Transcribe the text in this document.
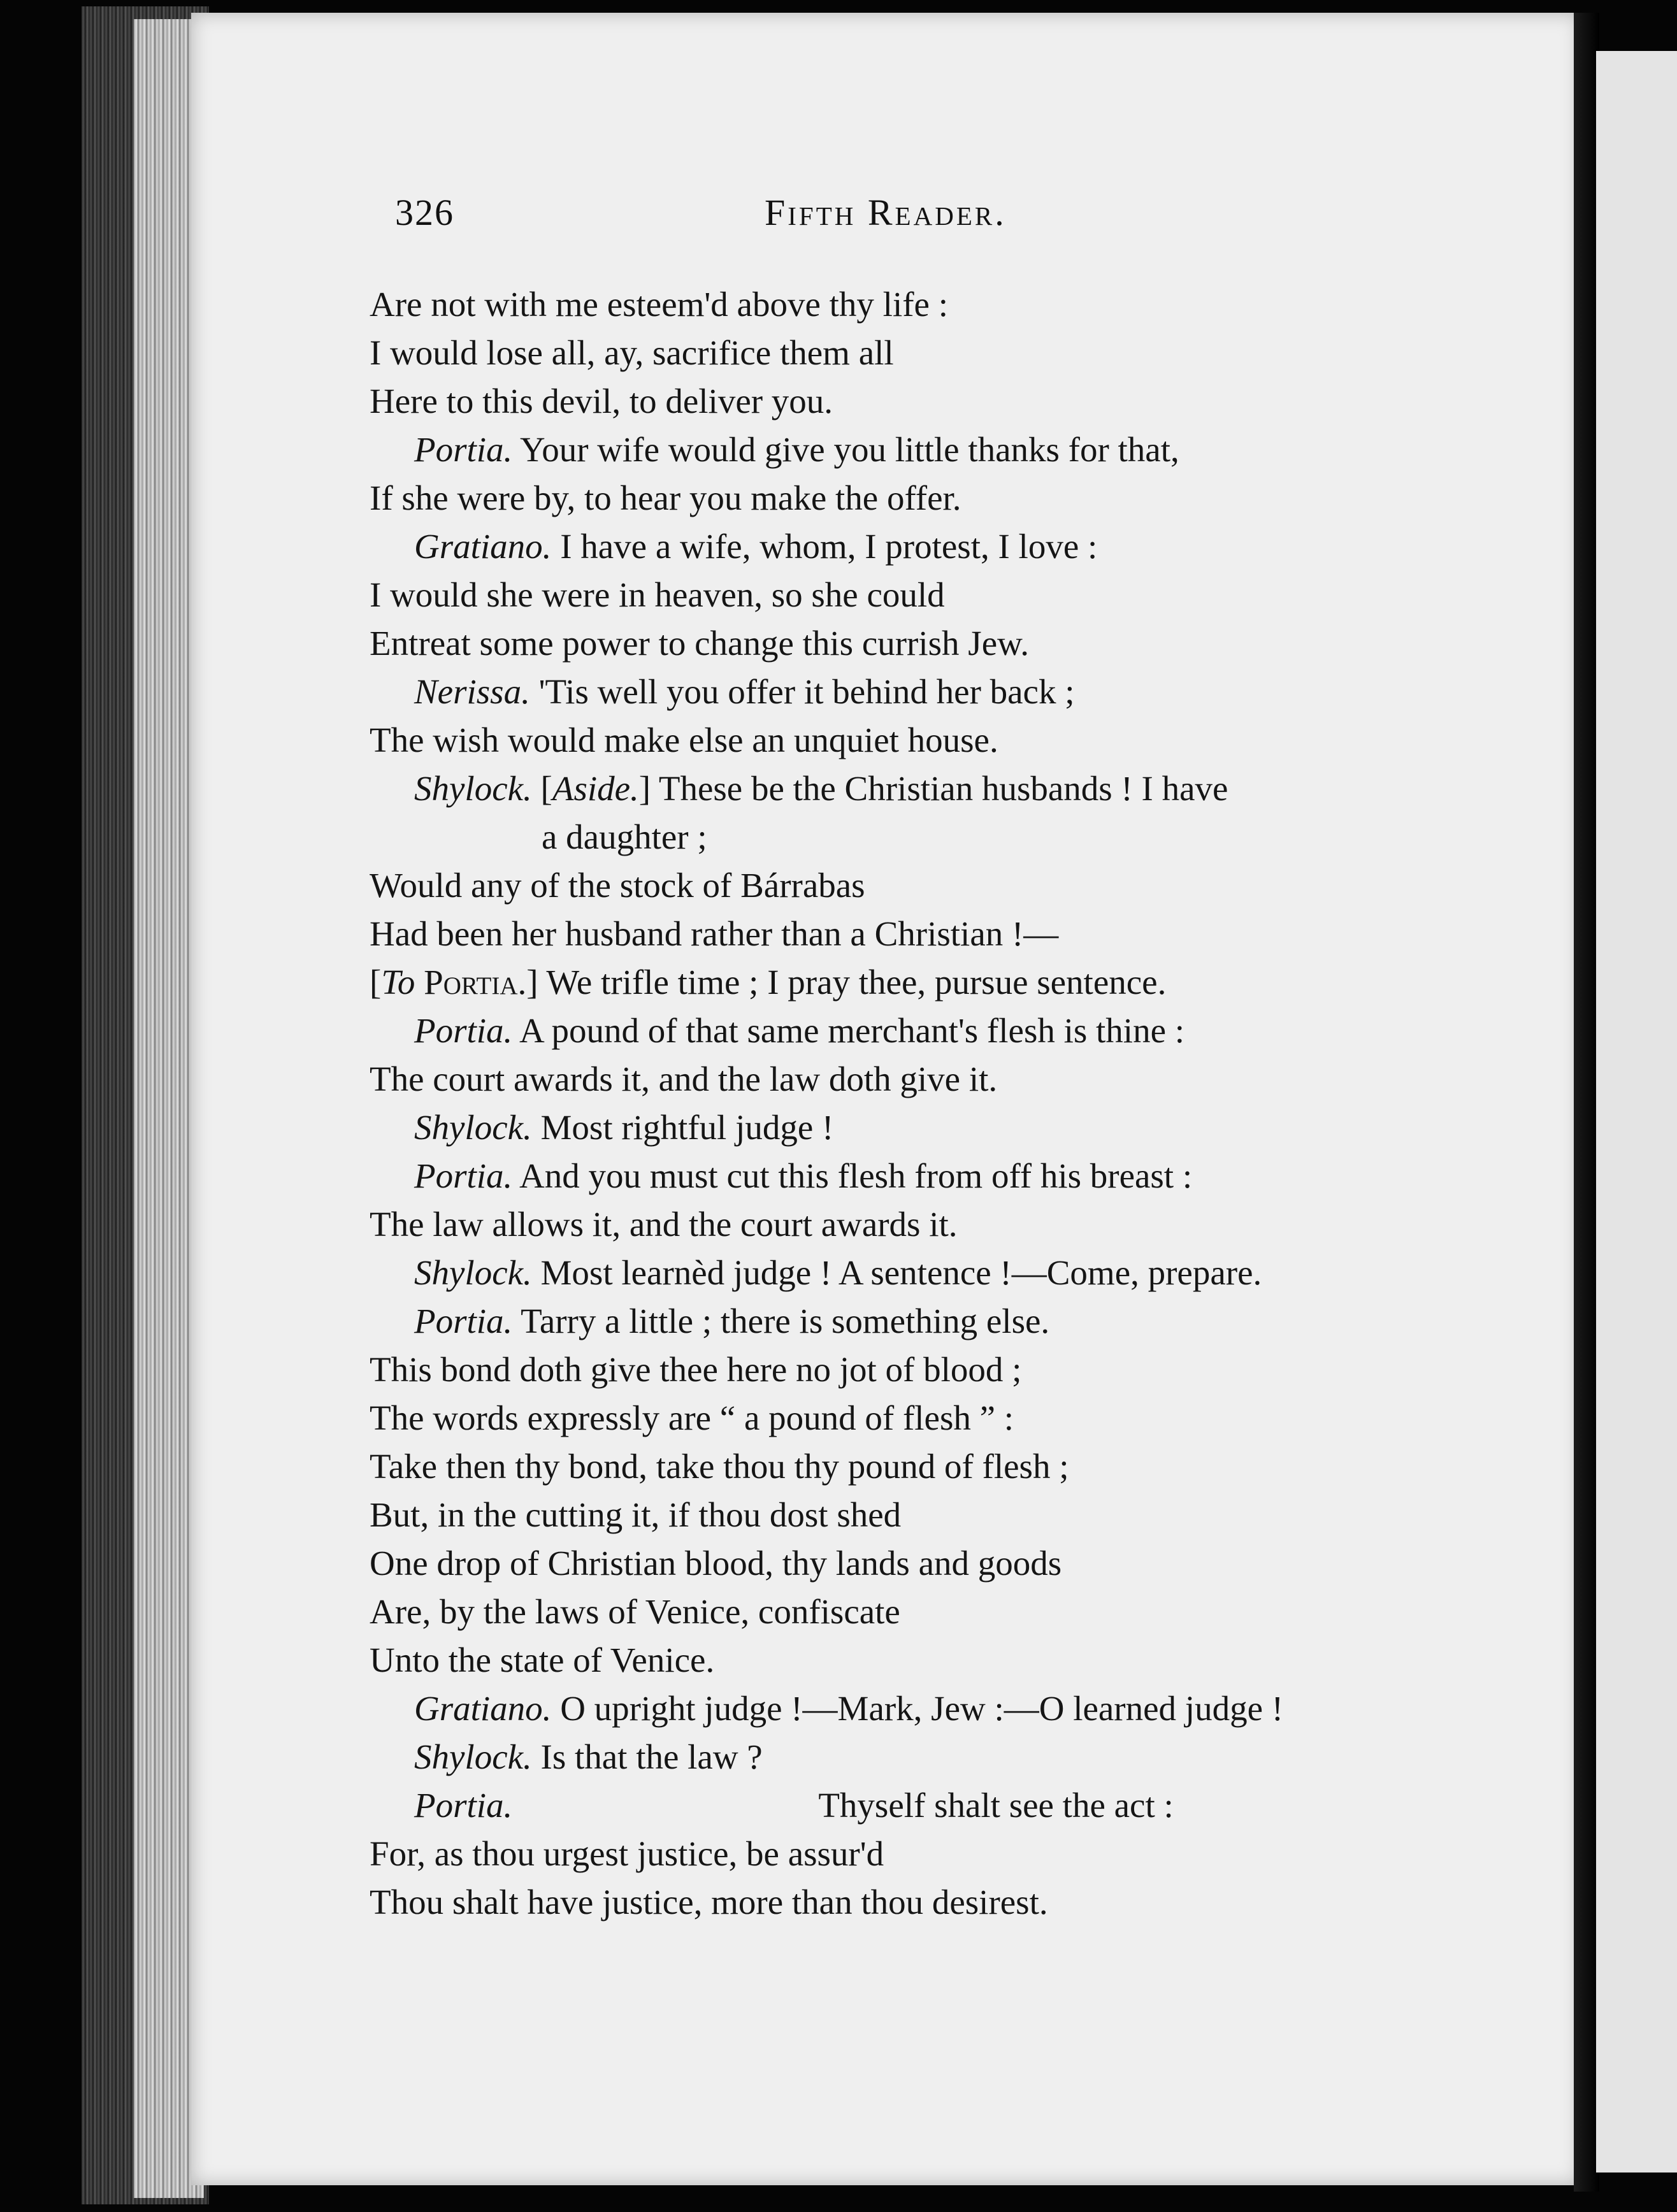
326	Fifth Reader.
Are not with me esteem'd above thy life :
I would lose all, ay, sacrifice them all
Here to this devil, to deliver you.
Portia. Your wife would give you little thanks for that,
If she were by, to hear you make the offer.
Gratiano. I have a wife, whom, I protest, I love :
I would she were in heaven, so she could
Entreat some power to change this currish Jew.
Nerissa. 'Tis well you offer it behind her back ;
The wish would make else an unquiet house.
Shylock. [Aside.] These be the Christian husbands ! I have
a daughter ;
Would any of the stock of Bárrabas
Had been her husband rather than a Christian !—
[To Portia.] We trifle time ; I pray thee, pursue sentence.
Portia. A pound of that same merchant's flesh is thine :
The court awards it, and the law doth give it.
Shylock. Most rightful judge !
Portia. And you must cut this flesh from off his breast :
The law allows it, and the court awards it.
Shylock. Most learnèd judge ! A sentence !—Come, prepare.
Portia. Tarry a little ; there is something else.
This bond doth give thee here no jot of blood ;
The words expressly are “ a pound of flesh ” :
Take then thy bond, take thou thy pound of flesh ;
But, in the cutting it, if thou dost shed
One drop of Christian blood, thy lands and goods
Are, by the laws of Venice, confiscate
Unto the state of Venice.
Gratiano. O upright judge !—Mark, Jew :—O learned judge !
Shylock. Is that the law ?
Portia.	Thyself shalt see the act :
For, as thou urgest justice, be assur'd
Thou shalt have justice, more than thou desirest.
